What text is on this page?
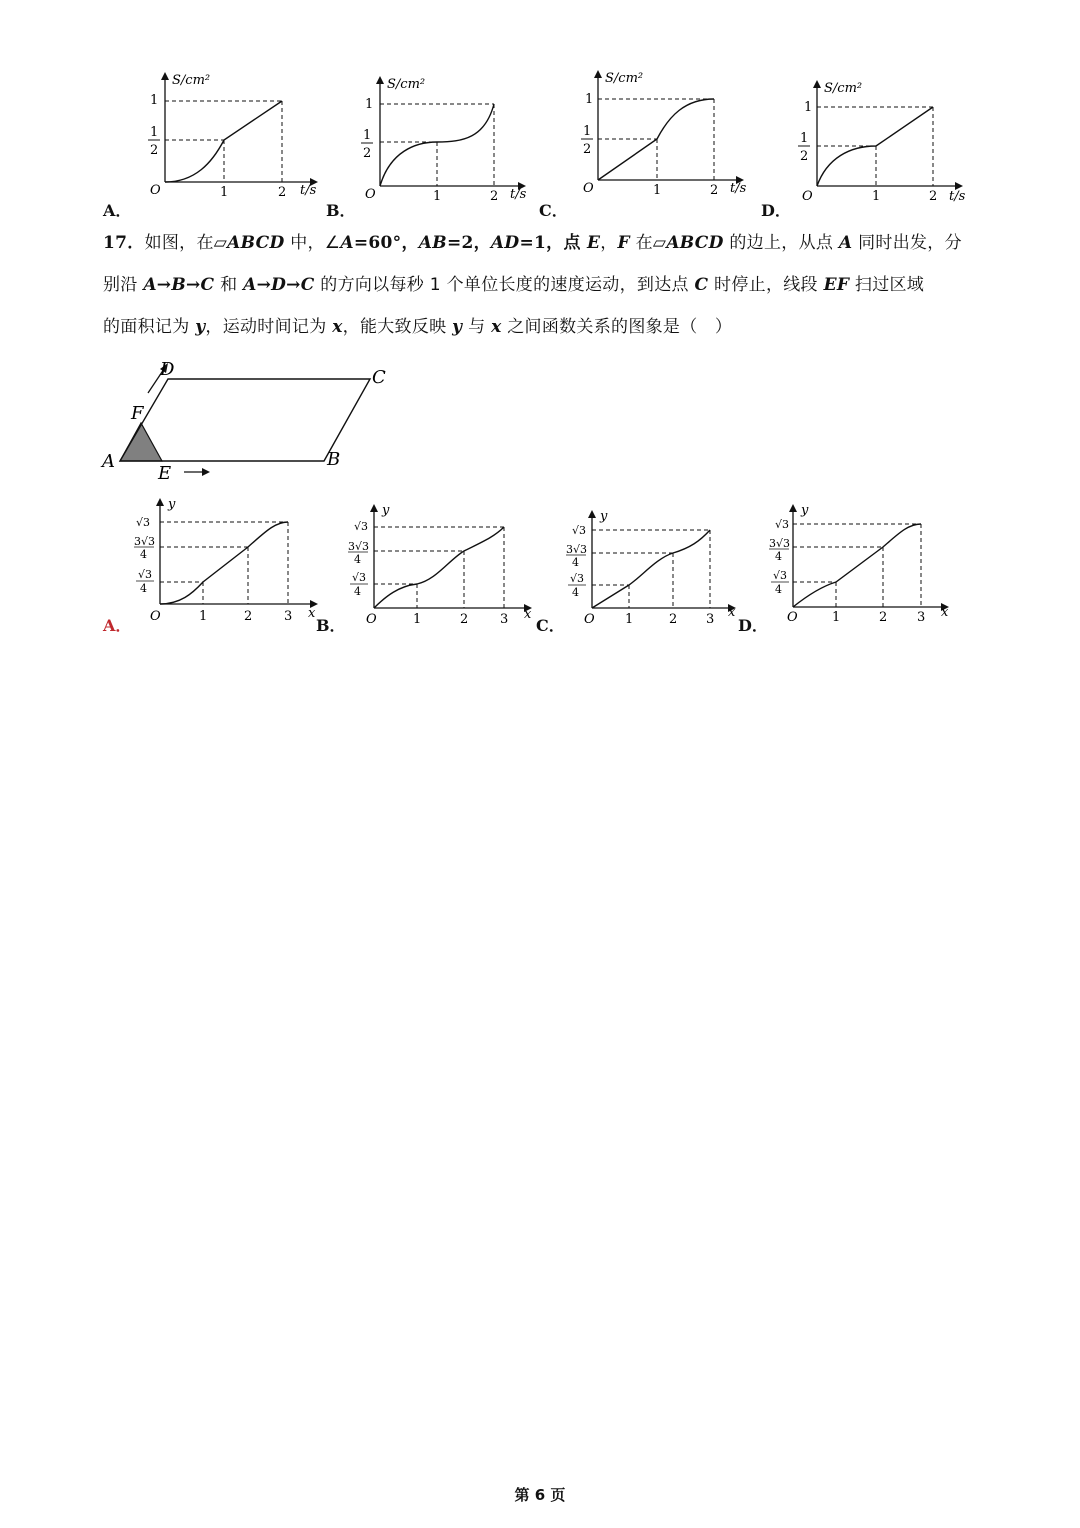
S/cm²
1
1
2
O	1	2 t/s
A．
S/cm²
1
1
2
O	1	2 t/s
B．
S/cm²
1
1
2
O	1	2 t/s
C．
S/cm²
1
1
2
O	1	2 t/s
D．
17．如图，在▱ABCD 中，∠A=60°，AB=2，AD=1，点 E，F 在▱ABCD 的边上，从点 A 同时出发，分
别沿 A→B→C 和 A→D→C 的方向以每秒 1 个单位长度的速度运动，到达点 C 时停止，线段 EF 扫过区域
的面积记为 y，运动时间记为 x，能大致反映 y 与 x 之间函数关系的图象是（　）
D	C
F
A	B
E
y
√3
3√3
4
√3
4
O	1	2 3 x
A．
y
√3
3√3
4
√3
4
O	1	2 3 x
B．
y
√3
3√3
4
√3
4
O 1	2 3 x
C．
y
√3
3√3
4
√3
4
O	1	2 3 x
D．
第 6 页
